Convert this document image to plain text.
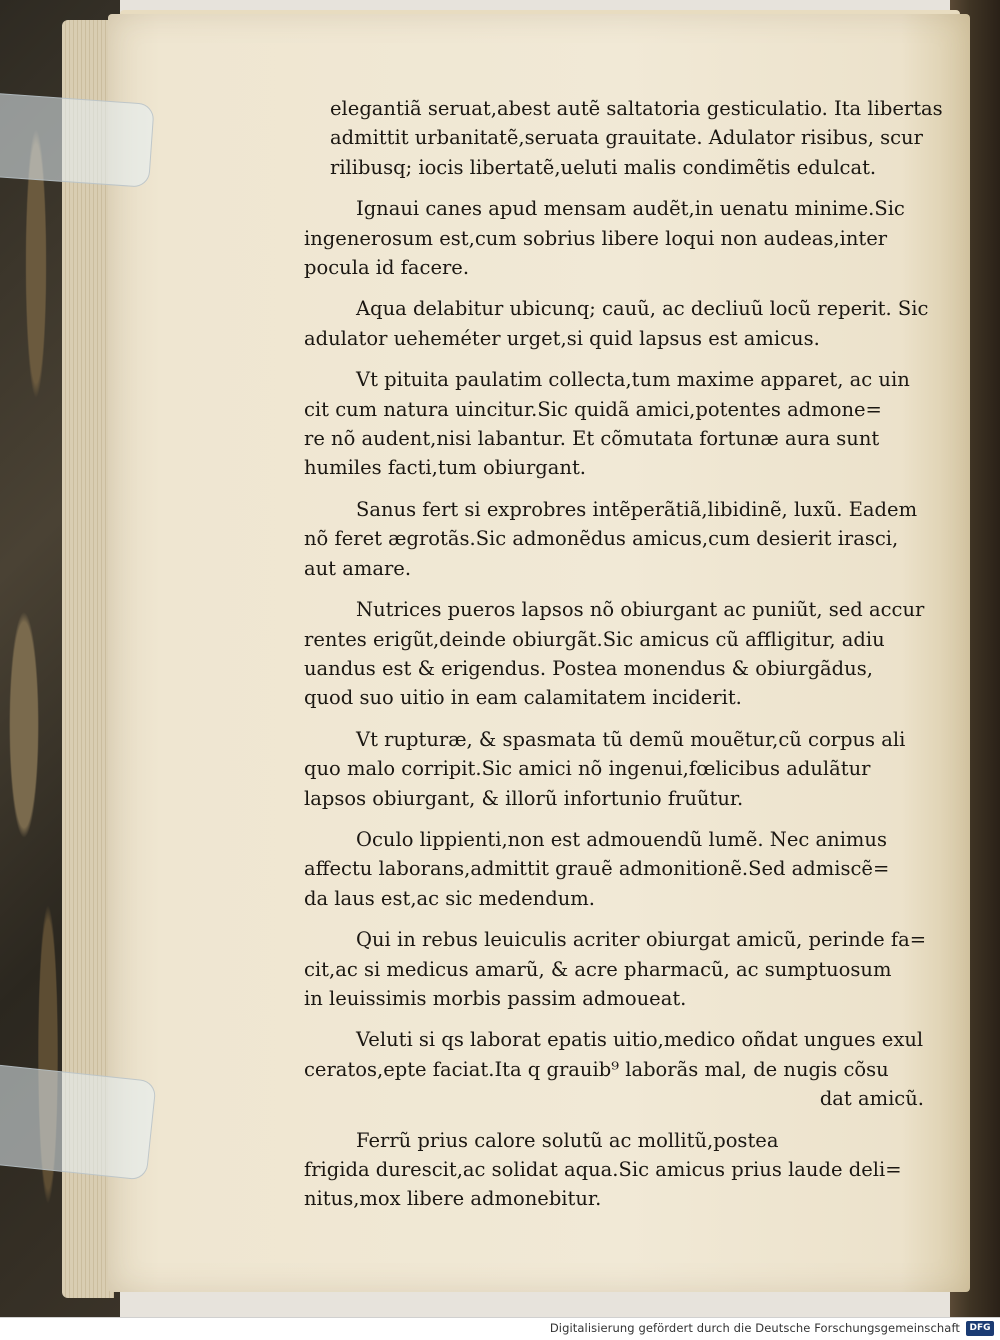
elegantiã seruat,abest autẽ saltatoria gesticulatio. Ita libertas
admittit urbanitatẽ,seruata grauitate. Adulator risibus, scur
rilibusq; iocis libertatẽ,ueluti malis condimẽtis edulcat.

Ignaui canes apud mensam audẽt,in uenatu minime.Sic
ingenerosum est,cum sobrius libere loqui non audeas,inter
pocula id facere.

Aqua delabitur ubicunq; cauũ, ac decliuũ locũ reperit. Sic
adulator ueheméter urget,si quid lapsus est amicus.

Vt pituita paulatim collecta,tum maxime apparet, ac uin
cit cum natura uincitur.Sic quidã amici,potentes admone=
re nõ audent,nisi labantur. Et cõmutata fortunæ aura sunt
humiles facti,tum obiurgant.

Sanus fert si exprobres intẽperãtiã,libidinẽ, luxũ. Eadem
nõ feret ægrotãs.Sic admonẽdus amicus,cum desierit irasci,
aut amare.

Nutrices pueros lapsos nõ obiurgant ac puniũt, sed accur
rentes erigũt,deinde obiurgãt.Sic amicus cũ affligitur, adiu
uandus est & erigendus. Postea monendus & obiurgãdus,
quod suo uitio in eam calamitatem inciderit.

Vt rupturæ, & spasmata tũ demũ mouẽtur,cũ corpus ali
quo malo corripit.Sic amici nõ ingenui,fœlicibus adulãtur
lapsos obiurgant, & illorũ infortunio fruũtur.

Oculo lippienti,non est admouendũ lumẽ. Nec animus
affectu laborans,admittit grauẽ admonitionẽ.Sed admiscẽ=
da laus est,ac sic medendum.

Qui in rebus leuiculis acriter obiurgat amicũ, perinde fa=
cit,ac si medicus amarũ, & acre pharmacũ, ac sumptuosum
in leuissimis morbis passim admoueat.

Veluti si qs laborat epatis uitio,medico oñdat ungues exul
ceratos,epte faciat.Ita q grauib⁹ laborãs mal, de nugis cõsu
dat amicũ.

Ferrũ prius calore solutũ ac mollitũ,postea
frigida durescit,ac solidat aqua.Sic amicus prius laude deli=
nitus,mox libere admonebitur.

Digitalisierung gefördert durch die Deutsche Forschungsgemeinschaft	DFG
